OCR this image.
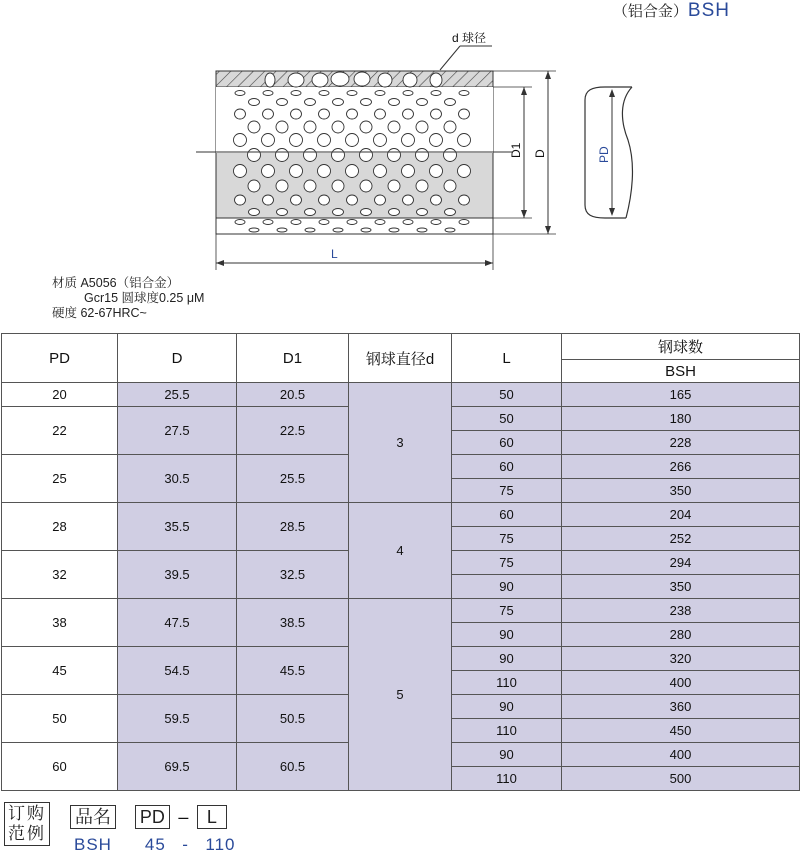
（铝合金）BSH
d 球径
D1 D
L
PD
材质 A5056（铝合金）
Gcr15 圆球度0.25 μM
硬度 62-67HRC~
PD	D	D1	钢球直径d	L	钢球数
					BSH
20	25.5	20.5	3	50	165
22	27.5	22.5		50	180
				60	228
25	30.5	25.5		60	266
				75	350
28	35.5	28.5	4	60	204
				75	252
32	39.5	32.5		75	294
				90	350
38	47.5	38.5	5	75	238
				90	280
45	54.5	45.5		90	320
				110	400
50	59.5	50.5		90	360
				110	450
60	69.5	60.5		90	400
				110	500
订购
范例
品名 PD – L
BSH 45 - 110
